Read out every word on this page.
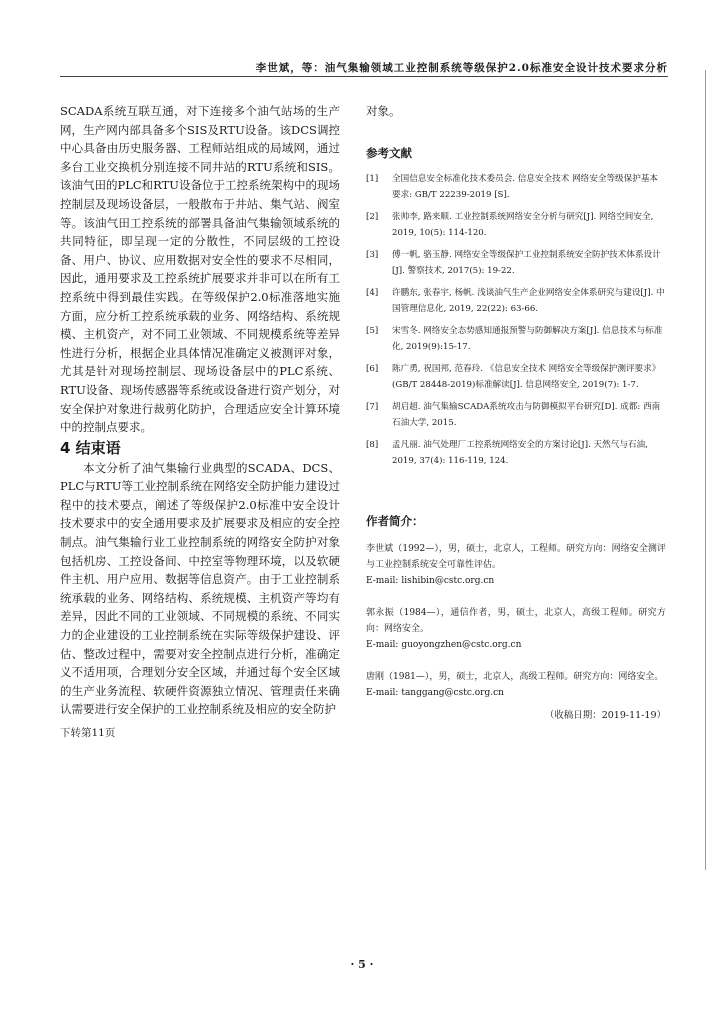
李世斌，等：油气集输领域工业控制系统等级保护2.0标准安全设计技术要求分析

SCADA系统互联互通，对下连接多个油气站场的生产网，生产网内部具备多个SIS及RTU设备。该DCS调控中心具备由历史服务器、工程师站组成的局域网，通过多台工业交换机分别连接不同井站的RTU系统和SIS。该油气田的PLC和RTU设备位于工控系统架构中的现场控制层及现场设备层，一般散布于井站、集气站、阀室等。该油气田工控系统的部署具备油气集输领域系统的共同特征，即呈现一定的分散性，不同层级的工控设备、用户、协议、应用数据对安全性的要求不尽相同，因此，通用要求及工控系统扩展要求并非可以在所有工控系统中得到最佳实践。在等级保护2.0标准落地实施方面，应分析工控系统承载的业务、网络结构、系统规模、主机资产，对不同工业领域、不同规模系统等差异性进行分析，根据企业具体情况准确定义被测评对象，尤其是针对现场控制层、现场设备层中的PLC系统、RTU设备、现场传感器等系统或设备进行资产划分，对安全保护对象进行裁剪化防护，合理适应安全计算环境中的控制点要求。

4 结束语

本文分析了油气集输行业典型的SCADA、DCS、PLC与RTU等工业控制系统在网络安全防护能力建设过程中的技术要点，阐述了等级保护2.0标准中安全设计技术要求中的安全通用要求及扩展要求及相应的安全控制点。油气集输行业工业控制系统的网络安全防护对象包括机房、工控设备间、中控室等物理环境，以及软硬件主机、用户应用、数据等信息资产。由于工业控制系统承载的业务、网络结构、系统规模、主机资产等均有差异，因此不同的工业领域、不同规模的系统、不同实力的企业建设的工业控制系统在实际等级保护建设、评估、整改过程中，需要对安全控制点进行分析，准确定义不适用项，合理划分安全区域，并通过每个安全区域的生产业务流程、软硬件资源独立情况、管理责任来确认需要进行安全保护的工业控制系统及相应的安全防护

下转第11页

对象。

参考文献
[1]	全国信息安全标准化技术委员会. 信息安全技术 网络安全等级保护基本要求: GB/T 22239-2019 [S].
[2]	张帅李, 路来顺. 工业控制系统网络安全分析与研究[J]. 网络空间安全, 2019, 10(5): 114-120.
[3]	傅一帆, 骆玉静. 网络安全等级保护工业控制系统安全防护技术体系设计[J]. 警察技术, 2017(5): 19-22.
[4]	许鹏东, 张春宇, 杨帆. 浅谈油气生产企业网络安全体系研究与建设[J]. 中国管理信息化, 2019, 22(22): 63-66.
[5]	宋雪冬. 网络安全态势感知通报预警与防御解决方案[J]. 信息技术与标准化, 2019(9):15-17.
[6]	陈广勇, 祝国邦, 范春玲. 《信息安全技术 网络安全等级保护测评要求》(GB/T 28448-2019)标准解读[J]. 信息网络安全, 2019(7): 1-7.
[7]	胡启超. 油气集输SCADA系统攻击与防御模拟平台研究[D]. 成都: 西南石油大学, 2015.
[8]	孟凡丽. 油气处理厂工控系统网络安全的方案讨论[J]. 天然气与石油, 2019, 37(4): 116-119, 124.
作者简介：
李世斌（1992—），男，硕士，北京人，工程师。研究方向：网络安全测评与工业控制系统安全可靠性评估。
E-mail: lishibin@cstc.org.cn
郭永振（1984—），通信作者，男，硕士，北京人，高级工程师。研究方向：网络安全。
E-mail: guoyongzhen@cstc.org.cn
唐刚（1981—），男，硕士，北京人，高级工程师。研究方向：网络安全。
E-mail: tanggang@cstc.org.cn
（收稿日期：2019-11-19）
· 5 ·
